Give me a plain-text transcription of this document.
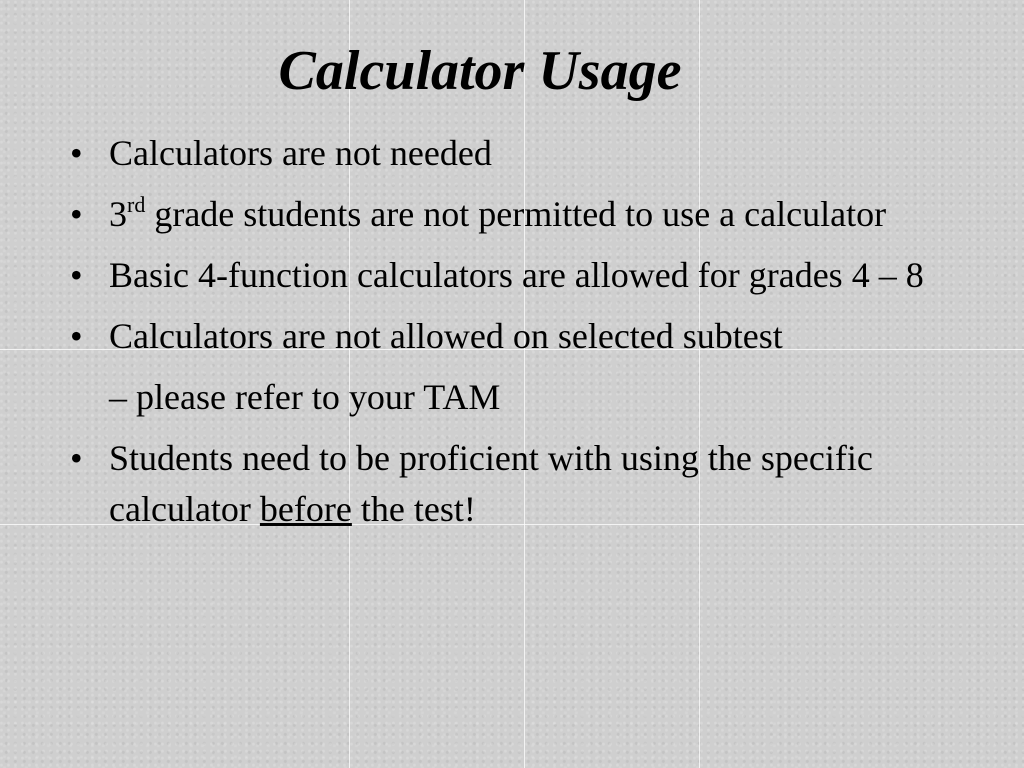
Calculator Usage
• Calculators are not needed
• 3rd grade students are not permitted to use a calculator
• Basic 4-function calculators are allowed for grades 4 – 8
• Calculators are not allowed on selected subtest
– please refer to your TAM
• Students need to be proficient with using the specific calculator before the test!
